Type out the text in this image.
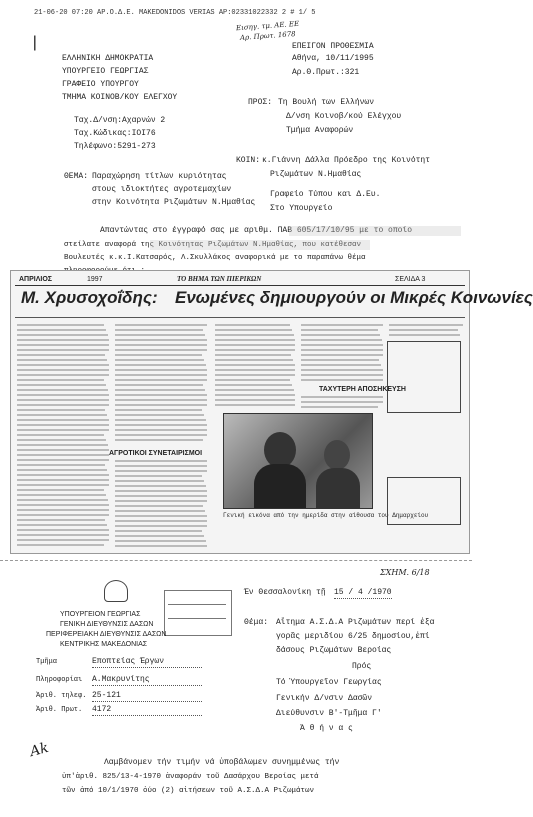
21-06-20 07:20 ΑΡ.Ο.Δ.Ε. MAKEDONIDOS VERIAS ΑΡ:02331022332 2 # 1/ 5
Εισηγ. τμ. ΑΕ. ΕΕ
Αρ. Πρωτ. 1678
|
ΕΛΛΗΝΙΚΗ ΔΗΜΟΚΡΑΤΙΑ
ΥΠΟΥΡΓΕΙΟ ΓΕΩΡΓΙΑΣ
ΓΡΑΦΕΙΟ ΥΠΟΥΡΓΟΥ
ΤΜΗΜΑ ΚΟΙΝΟΒ/ΚΟΥ ΕΛΕΓΧΟΥ
Ταχ.Δ/νση:Αχαρνών 2
Ταχ.Κώδικας:ΙΟΙ76
Τηλέφωνο:5291-273
ΕΠΕΙΓΟΝ ΠΡΟΘΕΣΜΙΑ
Αθήνα, 10/11/1995
Αρ.Θ.Πρωτ.:321
ΠΡΟΣ: Τη Βουλή των Ελλήνων
Δ/νση Κοινοβ/κού Ελέγχου
Τμήμα Αναφορών
ΚΟΙΝ: κ.Γιάννη Δάλλα Πρόεδρο της Κοινότητ
Ριζωμάτων Ν.Ημαθίας
Γραφείο Τύπου και Δ.Ευ.
Στο Υπουργείο
ΘΕΜΑ: Παραχώρηση τίτλων κυριότητας
στους ιδιοκτήτες αγροτεμαχίων
στην Κοινότητα Ριζωμάτων Ν.Ημαθίας
Απαντώντας στο έγγραφό σας με αριθμ. ΠΑΒ 605/17/10/95 με το οποίο
στείλατε αναφορά της Κοινότητας Ριζωμάτων Ν.Ημαθίας, που κατέθεσαν
Βουλευτές κ.κ.Ι.Κατσαρός, Λ.Σκυλλάκος αναφορικά με το παραπάνω θέμα
ΑΠΡΙΛΙΟΣ	1997	ΤΟ ΒΗΜΑ ΤΩΝ ΠΙΕΡΙΚΩΝ	ΣΕΛΙΔΑ 3
Μ. Χρυσοχοΐδης: Ενωμένες δημιουργούν οι Μικρές Κοινωνίες
ΑΓΡΟΤΙΚΟΙ ΣΥΝΕΤΑΙΡΙΣΜΟΙ
ΤΑΧΥΤΕΡΗ ΑΠΟΣΗΚΕΥΣΗ
Γενική εικόνα από την ημερίδα στην αίθουσα του Δημαρχείου
ΣΧΗΜ. 6/18
Έν Θεσσαλονίκη τῇ 15 / 4 /1970
ΥΠΟΥΡΓΕΙΟΝ ΓΕΩΡΓΙΑΣ
ΓΕΝΙΚΗ ΔΙΕΥΘΥΝΣΙΣ ΔΑΣΩΝ
ΠΕΡΙΦΕΡΕΙΑΚΗ ΔΙΕΥΘΥΝΣΙΣ ΔΑΣΩΝ
ΚΕΝΤΡΙΚΗΣ ΜΑΚΕΔΟΝΙΑΣ
Τμῆμα	Εποπτείας Έργων
Πληροφορίαι Α.Μακρυνίτης
Ἀριθ. τηλεφ. 25-121
Ἀριθ. Πρωτ. 4172
Θέμα: Αἴτημα Α.Σ.Δ.Α Ριζωμάτων περί ἐξα
γορᾶς μεριδίου 6/25 δημοσίου,ἐπί
δάσους Ριζωμάτων Βεροίας
Πρός
Τό Ὑπουργεῖον Γεωργίας
Γενικήν Δ/νσιν Δασῶν
Διεύθυνσιν Β'-Τμῆμα Γ'
Ἀ θ ή ν α ς
Ak
Λαμβάνομεν τήν τιμήν νά ὑποβάλωμεν συνημμένως τήν
ὑπ'ἀριθ. 825/13-4-1970 ἀναφοράν τοῦ Δασάρχου Βεροίας μετά
τῶν ἀπό 10/1/1970 ὁύο (2) αἰτήσεων τοῦ Α.Σ.Δ.Α Ριζωμάτων
